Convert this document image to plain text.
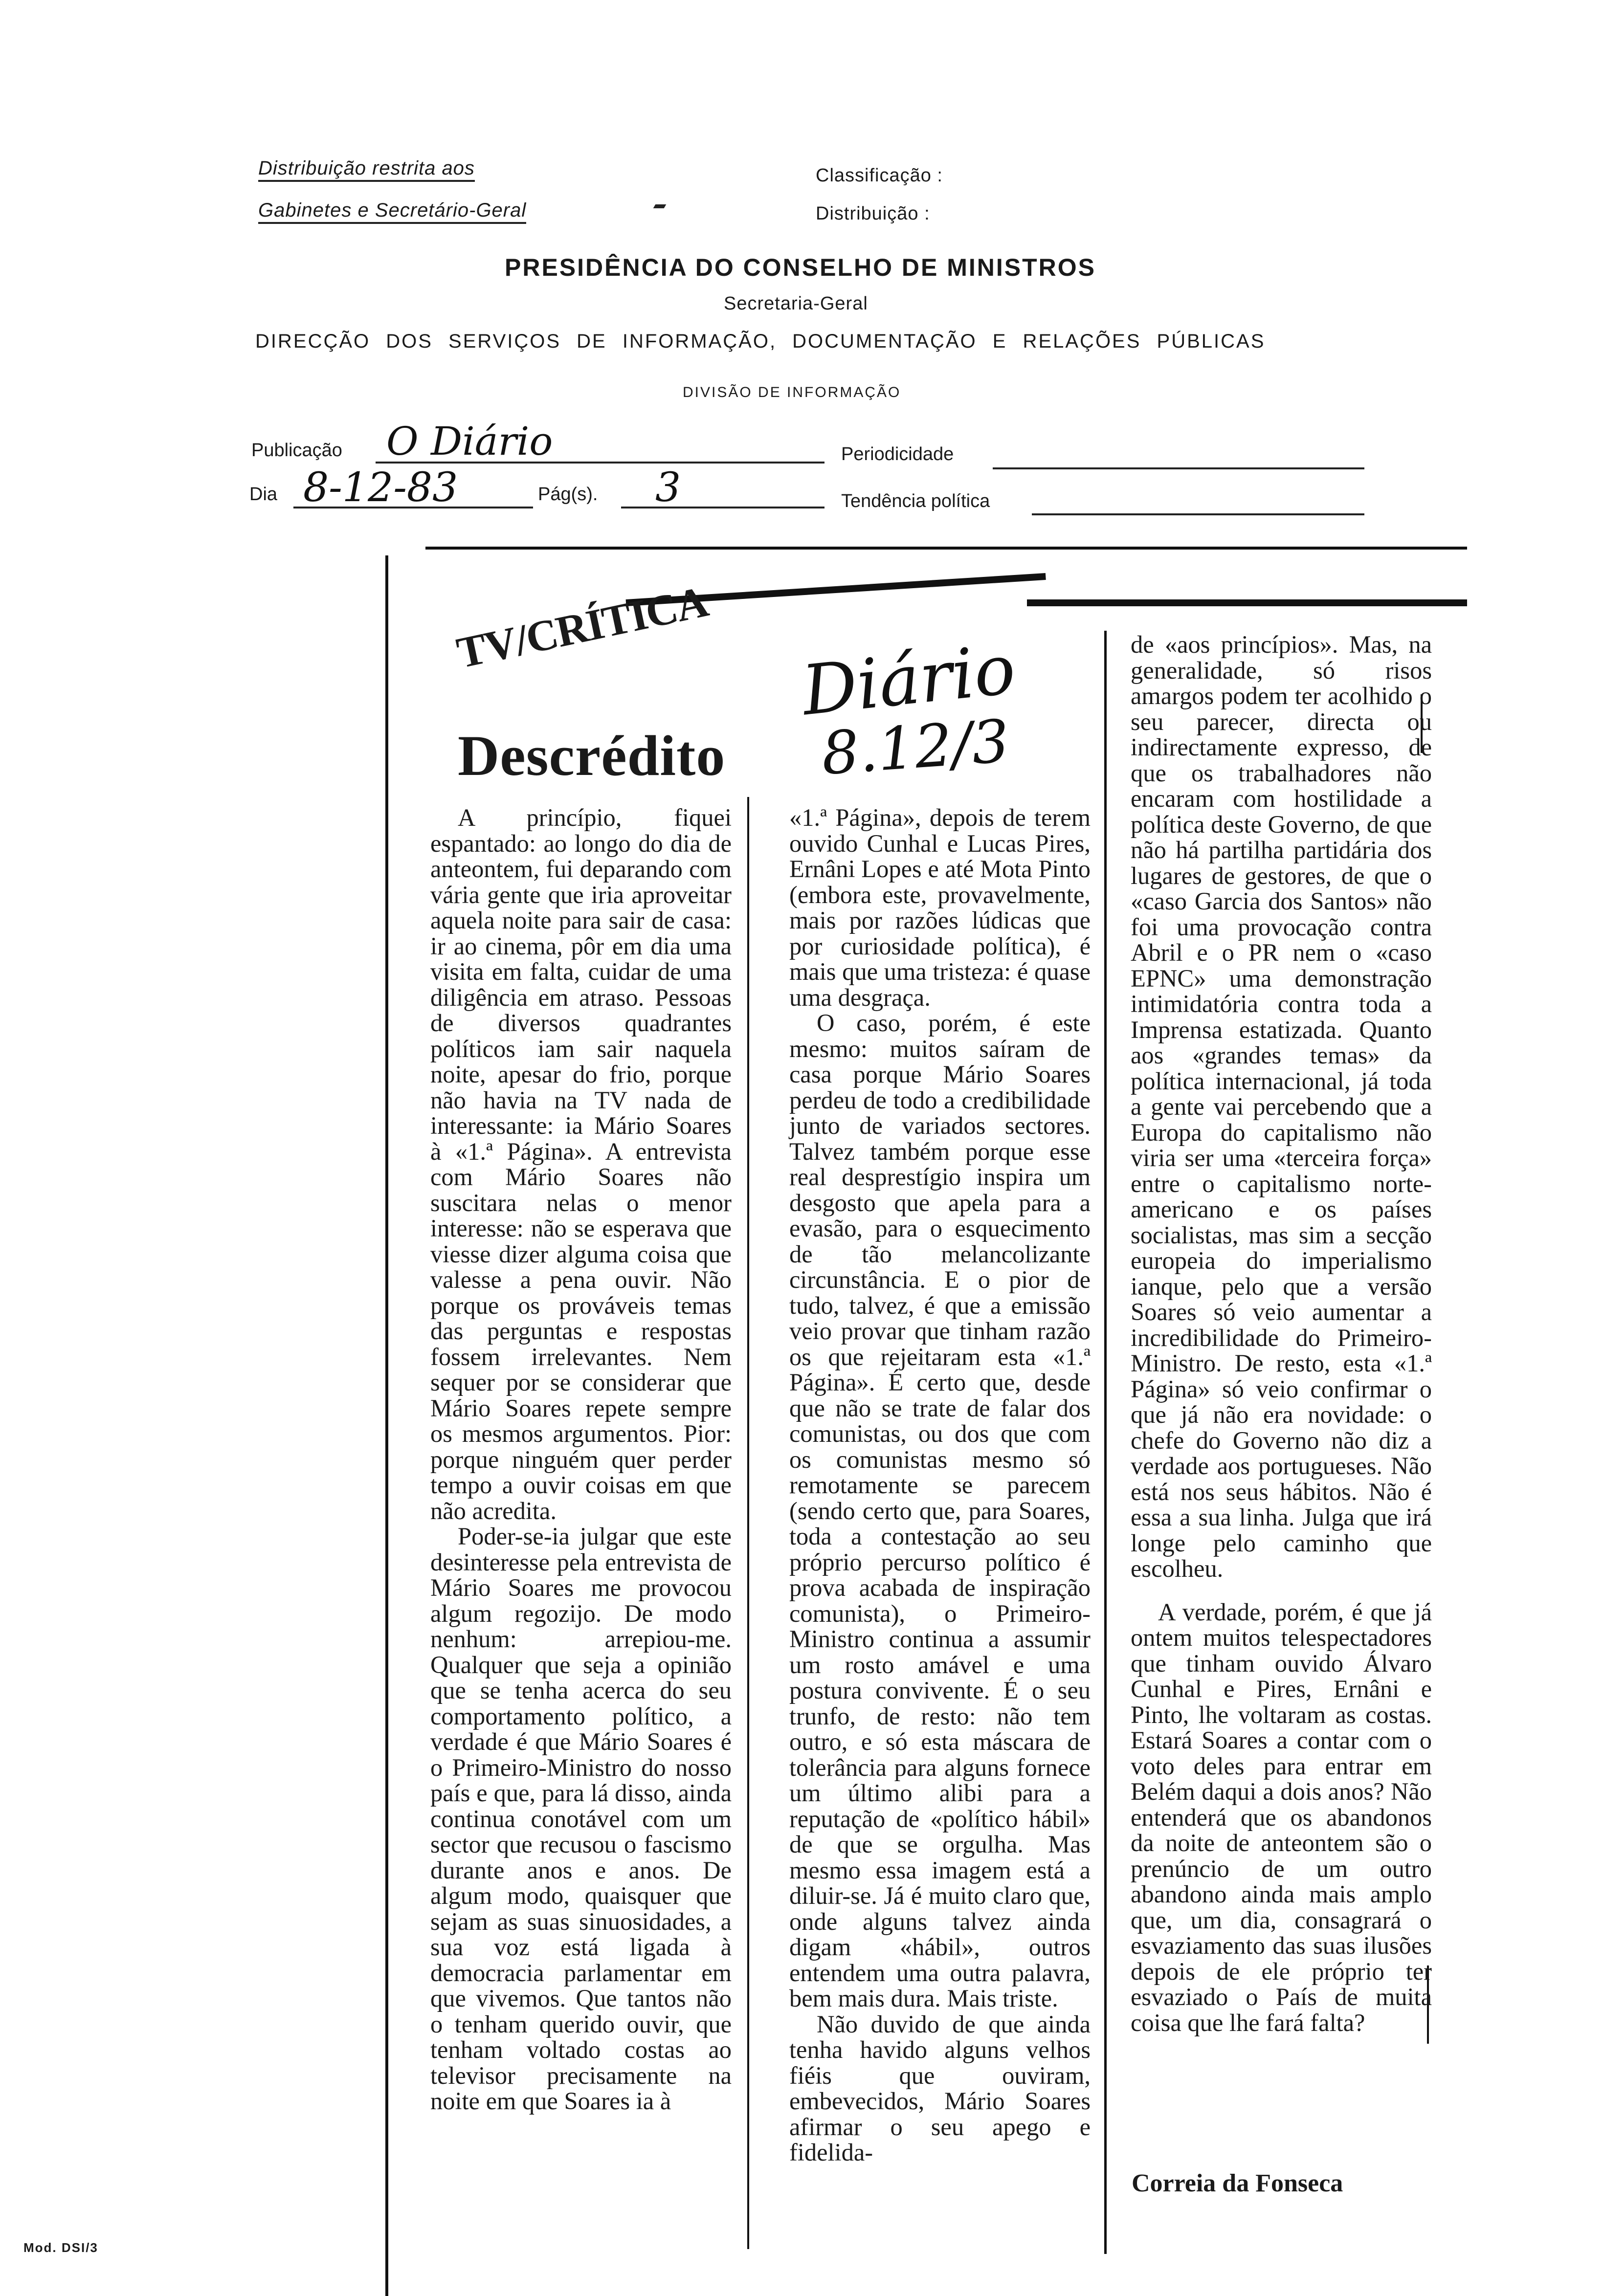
Distribuição restrita aos
Gabinetes e Secretário-Geral
Classificação :
Distribuição :
PRESIDÊNCIA DO CONSELHO DE MINISTROS
Secretaria-Geral
DIRECÇÃO DOS SERVIÇOS DE INFORMAÇÃO, DOCUMENTAÇÃO E RELAÇÕES PÚBLICAS
DIVISÃO DE INFORMAÇÃO
Publicação O Diário	Periodicidade
Dia 8-12-83	Pág(s). 3	Tendência política
TV/CRÍTICA
Diário
8.12/3
Descrédito

A princípio, fiquei espantado: ao longo do dia de anteontem, fui deparando com vária gente que iria aproveitar aquela noite para sair de casa: ir ao cinema, pôr em dia uma visita em falta, cuidar de uma diligência em atraso. Pessoas de diversos quadrantes políticos iam sair naquela noite, apesar do frio, porque não havia na TV nada de interessante: ia Mário Soares à «1.ª Página». A entrevista com Mário Soares não suscitara nelas o menor interesse: não se esperava que viesse dizer alguma coisa que valesse a pena ouvir. Não porque os prováveis temas das perguntas e respostas fossem irrelevantes. Nem sequer por se considerar que Mário Soares repete sempre os mesmos argumentos. Pior: porque ninguém quer perder tempo a ouvir coisas em que não acredita.

Poder-se-ia julgar que este desinteresse pela entrevista de Mário Soares me provocou algum regozijo. De modo nenhum: arrepiou-me. Qualquer que seja a opinião que se tenha acerca do seu comportamento político, a verdade é que Mário Soares é o Primeiro-Ministro do nosso país e que, para lá disso, ainda continua conotável com um sector que recusou o fascismo durante anos e anos. De algum modo, quaisquer que sejam as suas sinuosidades, a sua voz está ligada à democracia parlamentar em que vivemos. Que tantos não o tenham querido ouvir, que tenham voltado costas ao televisor precisamente na noite em que Soares ia à

«1.ª Página», depois de terem ouvido Cunhal e Lucas Pires, Ernâni Lopes e até Mota Pinto (embora este, provavelmente, mais por razões lúdicas que por curiosidade política), é mais que uma tristeza: é quase uma desgraça.

O caso, porém, é este mesmo: muitos saíram de casa porque Mário Soares perdeu de todo a credibilidade junto de variados sectores. Talvez também porque esse real desprestígio inspira um desgosto que apela para a evasão, para o esquecimento de tão melancolizante circunstância. E o pior de tudo, talvez, é que a emissão veio provar que tinham razão os que rejeitaram esta «1.ª Página». É certo que, desde que não se trate de falar dos comunistas, ou dos que com os comunistas mesmo só remotamente se parecem (sendo certo que, para Soares, toda a contestação ao seu próprio percurso político é prova acabada de inspiração comunista), o Primeiro-Ministro continua a assumir um rosto amável e uma postura convivente. É o seu trunfo, de resto: não tem outro, e só esta máscara de tolerância para alguns fornece um último alibi para a reputação de «político hábil» de que se orgulha. Mas mesmo essa imagem está a diluir-se. Já é muito claro que, onde alguns talvez ainda digam «hábil», outros entendem uma outra palavra, bem mais dura. Mais triste.

Não duvido de que ainda tenha havido alguns velhos fiéis que ouviram, embevecidos, Mário Soares afirmar o seu apego e fidelida-

de «aos princípios». Mas, na generalidade, só risos amargos podem ter acolhido o seu parecer, directa ou indirectamente expresso, de que os trabalhadores não encaram com hostilidade a política deste Governo, de que não há partilha partidária dos lugares de gestores, de que o «caso Garcia dos Santos» não foi uma provocação contra Abril e o PR nem o «caso EPNC» uma demonstração intimidatória contra toda a Imprensa estatizada. Quanto aos «grandes temas» da política internacional, já toda a gente vai percebendo que a Europa do capitalismo não viria ser uma «terceira força» entre o capitalismo norte-americano e os países socialistas, mas sim a secção europeia do imperialismo ianque, pelo que a versão Soares só veio aumentar a incredibilidade do Primeiro-Ministro. De resto, esta «1.ª Página» só veio confirmar o que já não era novidade: o chefe do Governo não diz a verdade aos portugueses. Não está nos seus hábitos. Não é essa a sua linha. Julga que irá longe pelo caminho que escolheu.

A verdade, porém, é que já ontem muitos telespectadores que tinham ouvido Álvaro Cunhal e Pires, Ernâni e Pinto, lhe voltaram as costas. Estará Soares a contar com o voto deles para entrar em Belém daqui a dois anos? Não entenderá que os abandonos da noite de anteontem são o prenúncio de um outro abandono ainda mais amplo que, um dia, consagrará o esvaziamento das suas ilusões depois de ele próprio ter esvaziado o País de muita coisa que lhe fará falta?

Correia da Fonseca
Mod. DSI/3
